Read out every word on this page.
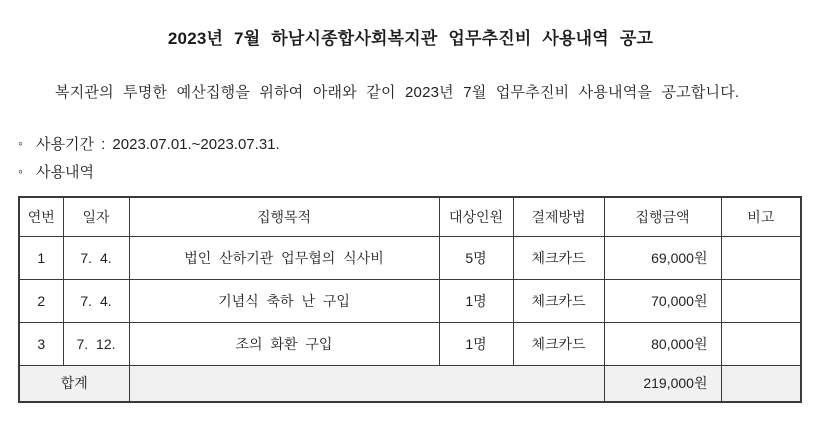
2023년 7월 하남시종합사회복지관 업무추진비 사용내역 공고

복지관의 투명한 예산집행을 위하여 아래와 같이 2023년 7월 업무추진비 사용내역을 공고합니다.

◦ 사용기간 : 2023.07.01.~2023.07.31.
◦ 사용내역
연번	일자	집행목적	대상인원	결제방법	집행금액	비고
1	7. 4.	법인 산하기관 업무협의 식사비	5명	체크카드	69,000원	
2	7. 4.	기념식 축하 난 구입	1명	체크카드	70,000원	
3	7. 12.	조의 화환 구입	1명	체크카드	80,000원	
합계					219,000원	
